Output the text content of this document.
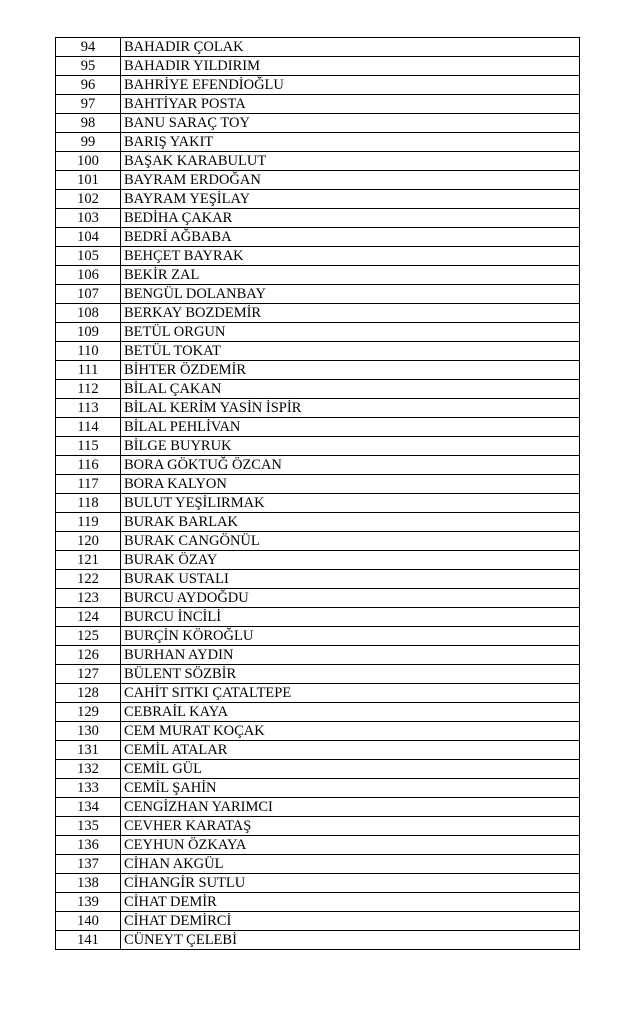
94	BAHADIR ÇOLAK
95	BAHADIR YILDIRIM
96	BAHRİYE EFENDİOĞLU
97	BAHTİYAR POSTA
98	BANU SARAÇ TOY
99	BARIŞ YAKIT
100	BAŞAK KARABULUT
101	BAYRAM ERDOĞAN
102	BAYRAM YEŞİLAY
103	BEDİHA ÇAKAR
104	BEDRİ AĞBABA
105	BEHÇET BAYRAK
106	BEKİR ZAL
107	BENGÜL DOLANBAY
108	BERKAY BOZDEMİR
109	BETÜL ORGUN
110	BETÜL TOKAT
111	BİHTER ÖZDEMİR
112	BİLAL ÇAKAN
113	BİLAL KERİM YASİN İSPİR
114	BİLAL PEHLİVAN
115	BİLGE BUYRUK
116	BORA GÖKTUĞ ÖZCAN
117	BORA KALYON
118	BULUT YEŞİLIRMAK
119	BURAK BARLAK
120	BURAK CANGÖNÜL
121	BURAK ÖZAY
122	BURAK USTALI
123	BURCU AYDOĞDU
124	BURCU İNCİLİ
125	BURÇİN KÖROĞLU
126	BURHAN AYDIN
127	BÜLENT SÖZBİR
128	CAHİT SITKI ÇATALTEPE
129	CEBRAİL KAYA
130	CEM MURAT KOÇAK
131	CEMİL ATALAR
132	CEMİL GÜL
133	CEMİL ŞAHİN
134	CENGİZHAN YARIMCI
135	CEVHER KARATAŞ
136	CEYHUN ÖZKAYA
137	CİHAN AKGÜL
138	CİHANGİR SUTLU
139	CİHAT DEMİR
140	CİHAT DEMİRCİ
141	CÜNEYT ÇELEBİ
